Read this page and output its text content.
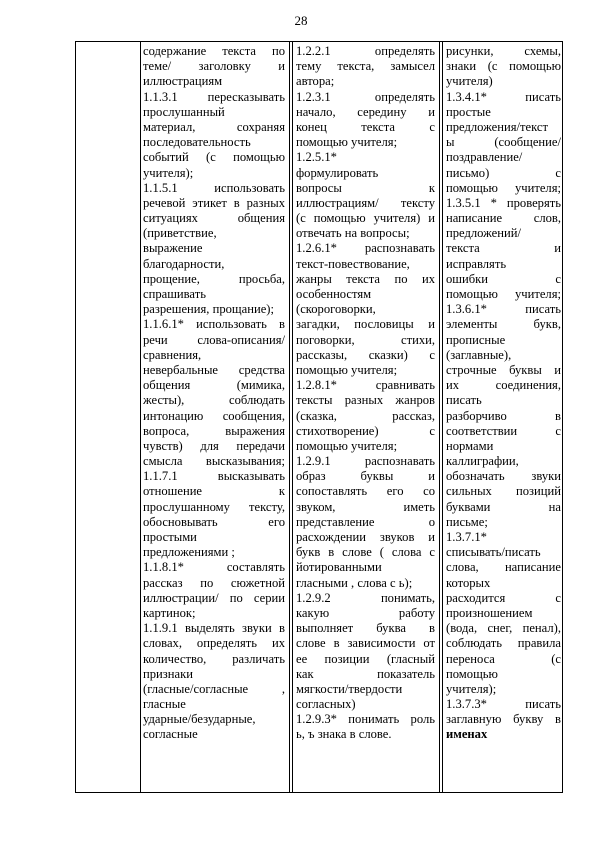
28
содержание текста по
теме/ заголовку и
иллюстрациям
1.1.3.1 пересказывать
прослушанный
материал, сохраняя
последовательность
событий (с помощью
учителя);
1.1.5.1 использовать
речевой этикет в разных
ситуациях общения
(приветствие,
выражение
благодарности,
прощение, просьба,
спрашивать
разрешения, прощание);
1.1.6.1* использовать в
речи слова-описания/
сравнения,
невербальные средства
общения (мимика,
жесты), соблюдать
интонацию сообщения,
вопроса, выражения
чувств) для передачи
смысла высказывания;
1.1.7.1 высказывать
отношение к
прослушанному тексту,
обосновывать его
простыми
предложениями ;
1.1.8.1* составлять
рассказ по сюжетной
иллюстрации/ по серии
картинок;
1.1.9.1 выделять звуки в
словах, определять их
количество, различать
признаки
(гласные/согласные ,
гласные
ударные/безударные,
согласные
1.2.2.1 определять
тему текста, замысел
автора;
1.2.3.1 определять
начало, середину и
конец текста с
помощью учителя;
1.2.5.1*
формулировать
вопросы к
иллюстрациям/ тексту
(с помощью учителя) и
отвечать на вопросы;
1.2.6.1* распознавать
текст-повествование,
жанры текста по их
особенностям
(скороговорки,
загадки, пословицы и
поговорки, стихи,
рассказы, сказки) с
помощью учителя;
1.2.8.1* сравнивать
тексты разных жанров
(сказка, рассказ,
стихотворение) с
помощью учителя;
1.2.9.1 распознавать
образ буквы и
сопоставлять его со
звуком, иметь
представление о
расхождении звуков и
букв в слове ( слова с
йотированными
гласными , слова с ь);
1.2.9.2 понимать,
какую работу
выполняет буква в
слове в зависимости от
ее позиции (гласный
как показатель
мягкости/твердости
согласных)
1.2.9.3* понимать роль
ь, ъ знака в слове.
рисунки, схемы,
знаки (с помощью
учителя)
1.3.4.1* писать
простые
предложения/текст
ы (сообщение/
поздравление/
письмо) с
помощью учителя;
1.3.5.1 * проверять
написание слов,
предложений/
текста и
исправлять
ошибки с
помощью учителя;
1.3.6.1* писать
элементы букв,
прописные
(заглавные),
строчные буквы и
их соединения,
писать
разборчиво в
соответствии с
нормами
каллиграфии,
обозначать звуки
сильных позиций
буквами на
письме;
1.3.7.1*
списывать/писать
слова, написание
которых
расходится с
произношением
(вода, снег, пенал),
соблюдать правила
переноса (с
помощью
учителя);
1.3.7.3* писать
заглавную букву в
именах
